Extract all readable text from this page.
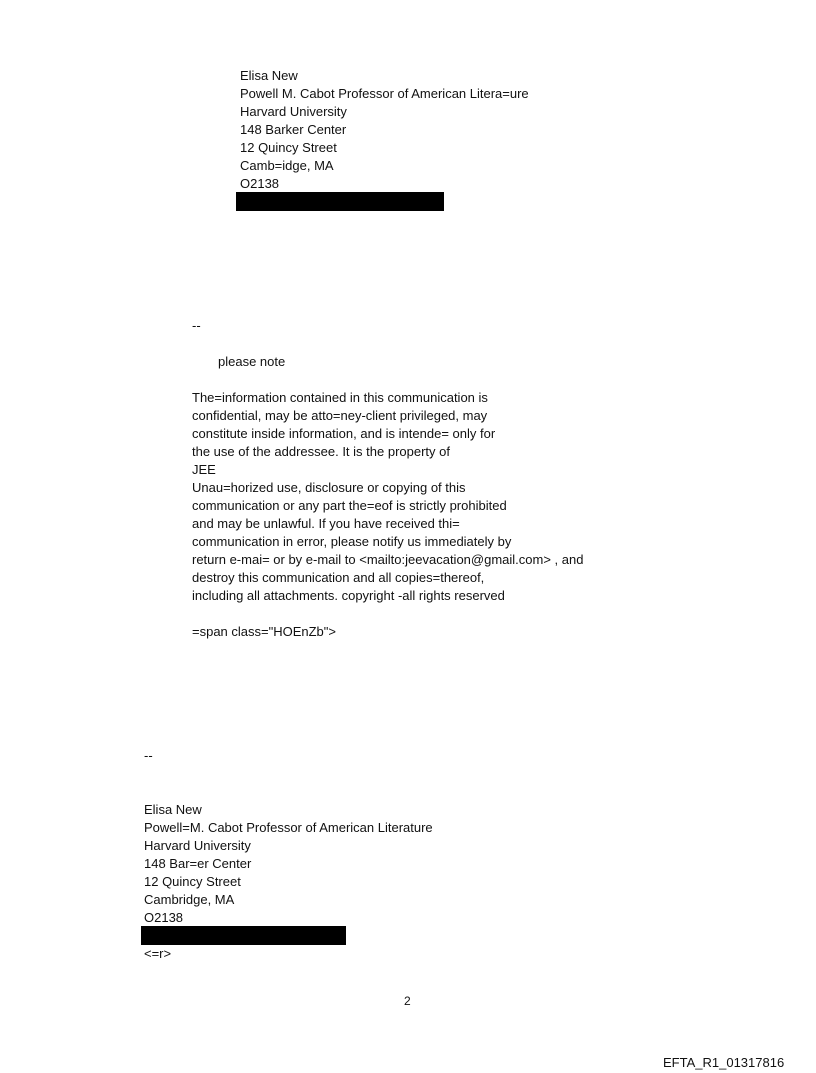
Elisa New
Powell M. Cabot Professor of American Litera=ure
Harvard University
148 Barker Center
12 Quincy Street
Camb=idge, MA
O2138
--
please note
The=information contained in this communication is
confidential, may be atto=ney-client privileged, may
constitute inside information, and is intende= only for
the use of the addressee. It is the property of
JEE
Unau=horized use, disclosure or copying of this
communication or any part the=eof is strictly prohibited
and may be unlawful. If you have received thi=
communication in error, please notify us immediately by
return e-mai= or by e-mail to <mailto:jeevacation@gmail.com> , and
destroy this communication and all copies=thereof,
including all attachments. copyright -all rights reserved
=span class="HOEnZb">
--
Elisa New
Powell=M. Cabot Professor of American Literature
Harvard University
148 Bar=er Center
12 Quincy Street
Cambridge, MA
O2138
<=r>
2
EFTA_R1_01317816
